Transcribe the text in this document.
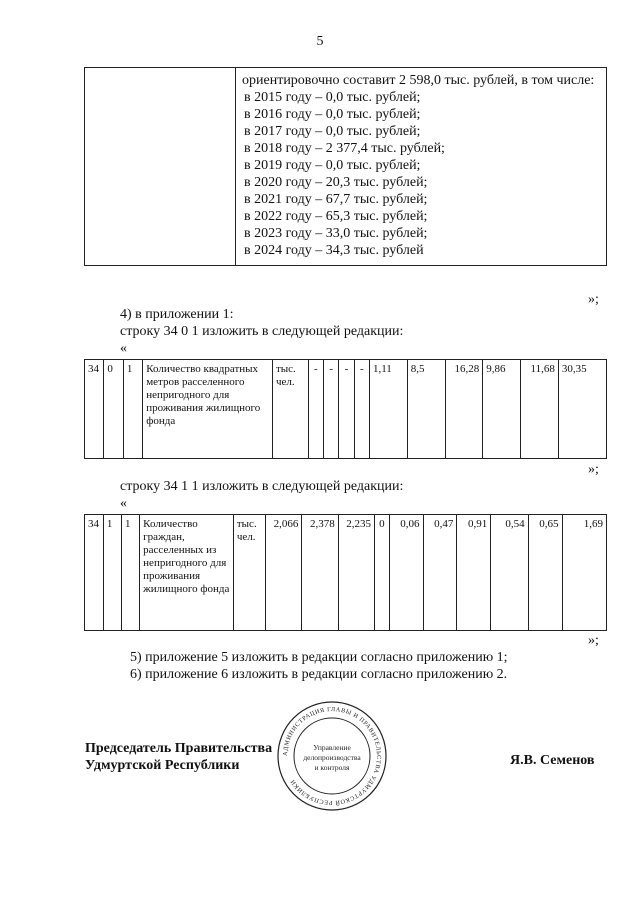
5

ориентировочно составит 2 598,0 тыс. рублей, в том числе:
в 2015 году – 0,0 тыс. рублей;
в 2016 году – 0,0 тыс. рублей;
в 2017 году – 0,0 тыс. рублей;
в 2018 году – 2 377,4 тыс. рублей;
в 2019 году – 0,0 тыс. рублей;
в 2020 году – 20,3 тыс. рублей;
в 2021 году – 67,7 тыс. рублей;
в 2022 году – 65,3 тыс. рублей;
в 2023 году – 33,0 тыс. рублей;
в 2024 году – 34,3 тыс. рублей
»;
4) в приложении 1:
строку 34 0 1 изложить в следующей редакции:
«
34	0	1	Количество квадратных метров расселенного непригодного для проживания жилищного фонда	тыс. чел.	-	-	-	-	1,11	8,5	16,28	9,86	11,68	30,35
»;
строку 34 1 1 изложить в следующей редакции:
«
34	1	1	Количество граждан, расселенных из непригодного для проживания жилищного фонда	тыс. чел.	2,066	2,378	2,235	0	0,06	0,47	0,91	0,54	0,65	1,69
»;
5) приложение 5 изложить в редакции согласно приложению 1;
6) приложение 6 изложить в редакции согласно приложению 2.
Председатель Правительства
Удмуртской Республики	Я.В. Семенов
АДМИНИСТРАЦИЯ ГЛАВЫ И ПРАВИТЕЛЬСТВА УДМУРТСКОЙ РЕСПУБЛИКИ
Управление
делопроизводства
и контроля
